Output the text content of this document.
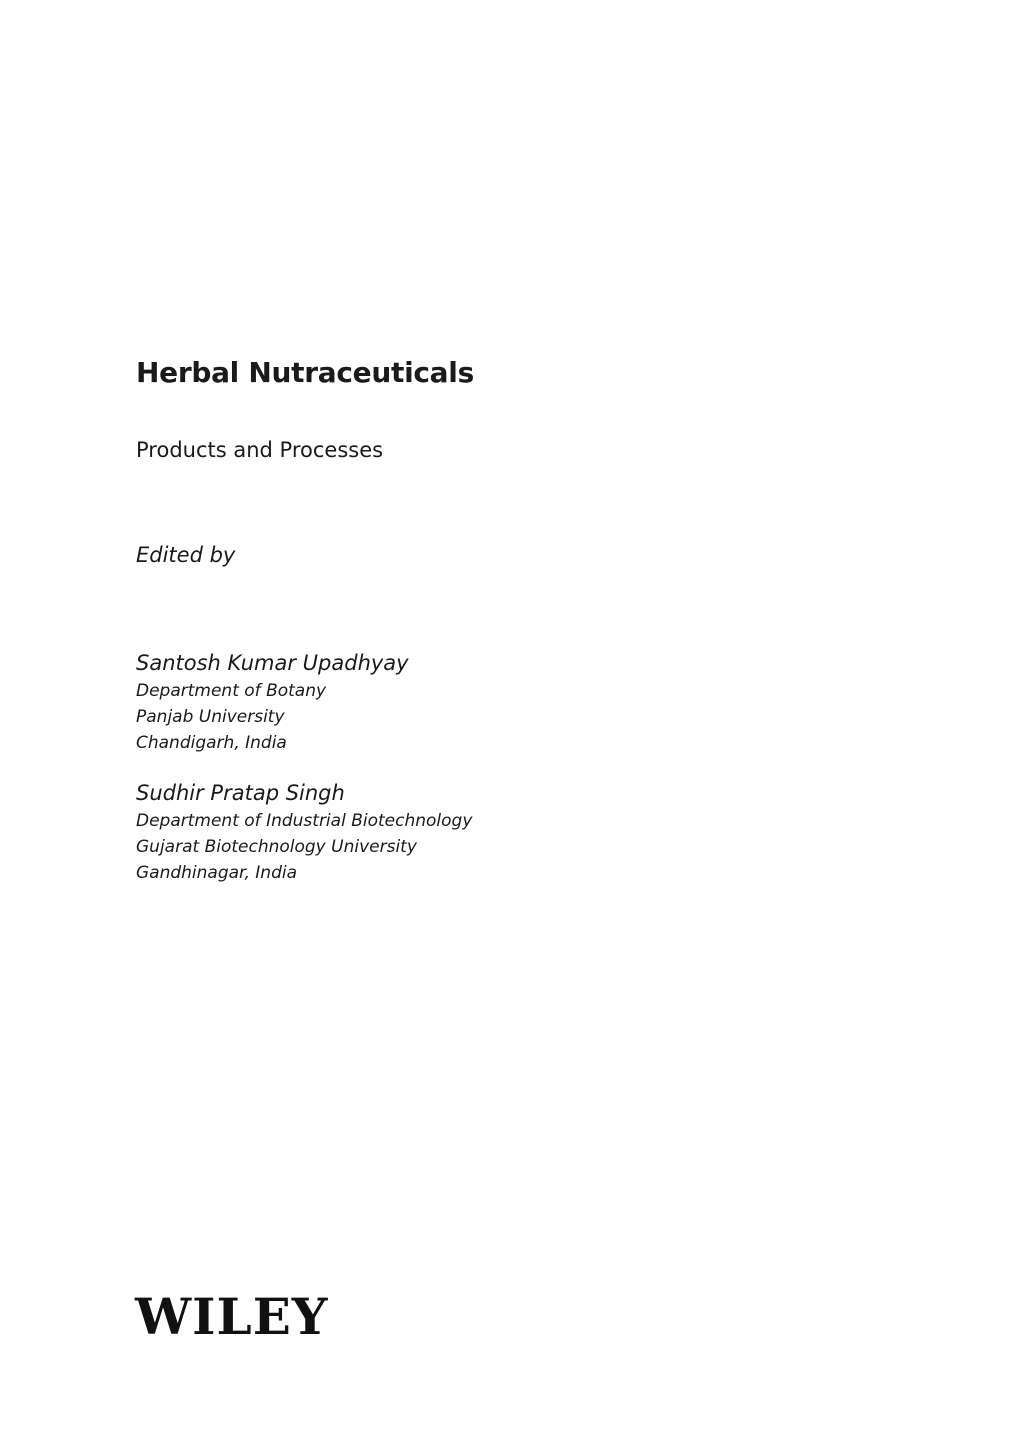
Herbal Nutraceuticals

Products and Processes

Edited by

Santosh Kumar Upadhyay
Department of Botany
Panjab University
Chandigarh, India
Sudhir Pratap Singh
Department of Industrial Biotechnology
Gujarat Biotechnology University
Gandhinagar, India
WILEY
